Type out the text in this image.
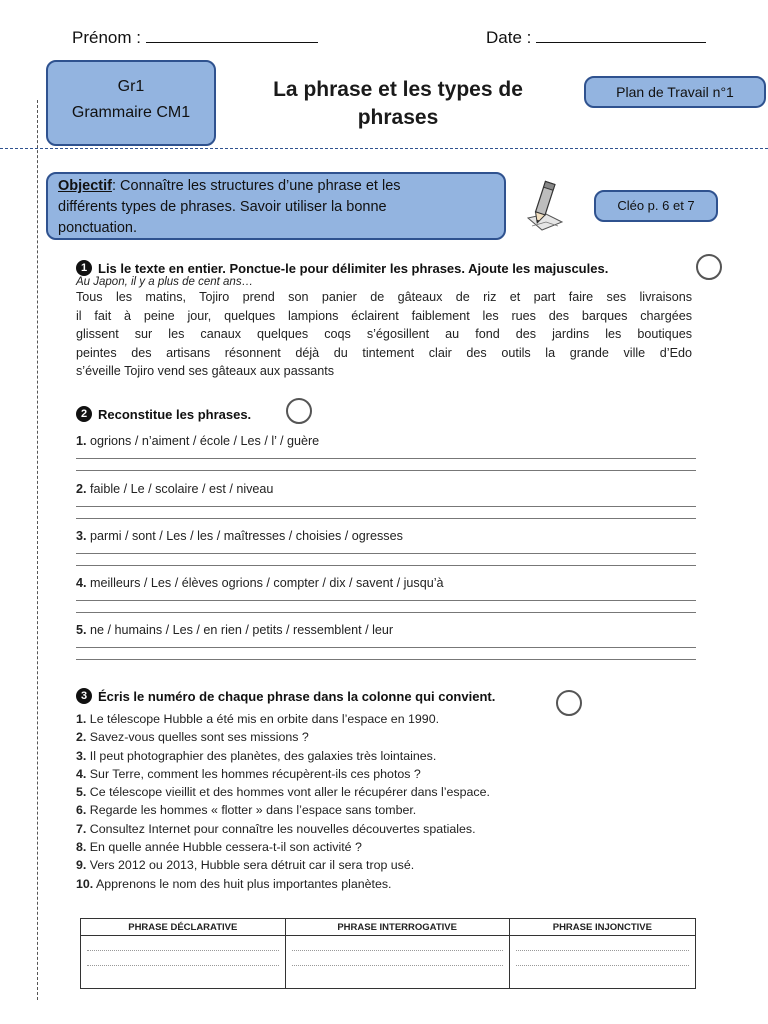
Prénom :	Date :
Gr1
Grammaire CM1
La phrase et les types de
phrases
Plan de Travail n°1
Objectif: Connaître les structures d’une phrase et les
différents types de phrases. Savoir utiliser la bonne
ponctuation.
Cléo p. 6 et 7
1 Lis le texte en entier. Ponctue-le pour délimiter les phrases. Ajoute les majuscules.
Au Japon, il y a plus de cent ans…
Tous les matins, Tojiro prend son panier de gâteaux de riz et part faire ses livraisons
il fait à peine jour, quelques lampions éclairent faiblement les rues des barques chargées
glissent sur les canaux quelques coqs s’égosillent au fond des jardins les boutiques
peintes des artisans résonnent déjà du tintement clair des outils la grande ville d’Edo
s’éveille Tojiro vend ses gâteaux aux passants
2 Reconstitue les phrases.
1. ogrions / n’aiment / école / Les / l’ / guère
2. faible / Le / scolaire / est / niveau
3. parmi / sont / Les / les / maîtresses / choisies / ogresses
4. meilleurs / Les / élèves ogrions / compter / dix / savent / jusqu’à
5. ne / humains / Les / en rien / petits / ressemblent / leur
3 Écris le numéro de chaque phrase dans la colonne qui convient.
1. Le télescope Hubble a été mis en orbite dans l’espace en 1990.
2. Savez-vous quelles sont ses missions ?
3. Il peut photographier des planètes, des galaxies très lointaines.
4. Sur Terre, comment les hommes récupèrent-ils ces photos ?
5. Ce télescope vieillit et des hommes vont aller le récupérer dans l’espace.
6. Regarde les hommes « flotter » dans l’espace sans tomber.
7. Consultez Internet pour connaître les nouvelles découvertes spatiales.
8. En quelle année Hubble cessera-t-il son activité ?
9. Vers 2012 ou 2013, Hubble sera détruit car il sera trop usé.
10. Apprenons le nom des huit plus importantes planètes.
PHRASE DÉCLARATIVE	PHRASE INTERROGATIVE	PHRASE INJONCTIVE
